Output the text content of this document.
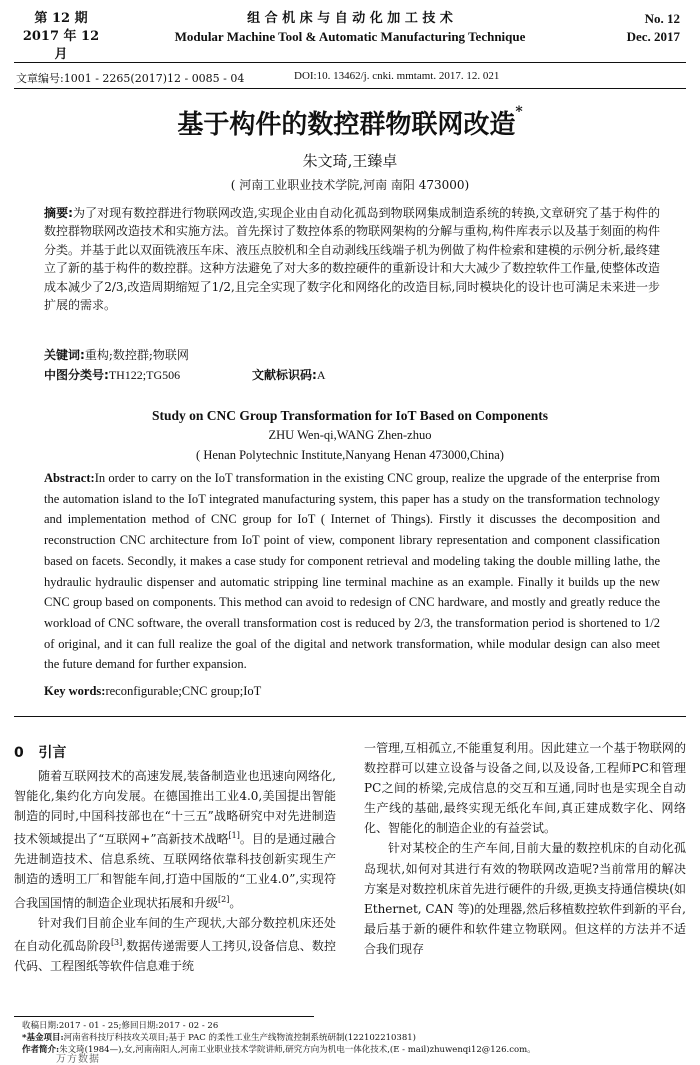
第 12 期
2017 年 12 月
组 合 机 床 与 自 动 化 加 工 技 术
Modular Machine Tool & Automatic Manufacturing Technique
No. 12
Dec. 2017
文章编号:1001 - 2265(2017)12 - 0085 - 04	DOI:10. 13462/j. cnki. mmtamt. 2017. 12. 021
基于构件的数控群物联网改造*
朱文琦,王臻卓
( 河南工业职业技术学院,河南 南阳 473000)
摘要:为了对现有数控群进行物联网改造,实现企业由自动化孤岛到物联网集成制造系统的转换,文章研究了基于构件的数控群物联网改造技术和实施方法。首先探讨了数控体系的物联网架构的分解与重构,构件库表示以及基于刻面的构件分类。并基于此以双面铣液压车床、液压点胶机和全自动剥线压线端子机为例做了构件检索和建模的示例分析,最终建立了新的基于构件的数控群。这种方法避免了对大多的数控硬件的重新设计和大大减少了数控软件工作量,使整体改造成本减少了2/3,改造周期缩短了1/2,且完全实现了数字化和网络化的改造目标,同时模块化的设计也可满足未来进一步扩展的需求。
关键词:重构;数控群;物联网
中图分类号:TH122;TG506	文献标识码:A
Study on CNC Group Transformation for IoT Based on Components
ZHU Wen-qi,WANG Zhen-zhuo
( Henan Polytechnic Institute,Nanyang Henan 473000,China)
Abstract:In order to carry on the IoT transformation in the existing CNC group, realize the upgrade of the enterprise from the automation island to the IoT integrated manufacturing system, this paper has a study on the transformation technology and implementation method of CNC group for IoT ( Internet of Things). Firstly it discusses the decomposition and reconstruction CNC architecture from IoT point of view, component library representation and component classification based on facets. Secondly, it makes a case study for component retrieval and modeling taking the double milling lathe, the hydraulic hydraulic dispenser and automatic stripping line terminal machine as an example. Finally it builds up the new CNC group based on components. This method can avoid to redesign of CNC hardware, and mostly and greatly reduce the workload of CNC software, the overall transformation cost is reduced by 2/3, the transformation period is shortened to 1/2 of original, and it can full realize the goal of the digital and network transformation, while modular design can also meet the future demand for further expansion.
Key words:reconfigurable;CNC group;IoT
0 引言

随着互联网技术的高速发展,装备制造业也迅速向网络化,智能化,集约化方向发展。在德国推出工业4.0,美国提出智能制造的同时,中国科技部也在“十三五”战略研究中对先进制造技术领域提出了“互联网+”高新技术战略[1]。目的是通过融合先进制造技术、信息系统、互联网络依靠科技创新实现生产制造的透明工厂和智能车间,打造中国版的“工业4.0”,实现符合我国国情的制造企业现状拓展和升级[2]。

针对我们目前企业车间的生产现状,大部分数控机床还处在自动化孤岛阶段[3],数据传递需要人工拷贝,设备信息、数控代码、工程图纸等软件信息难于统

一管理,互相孤立,不能重复利用。因此建立一个基于物联网的数控群可以建立设备与设备之间,以及设备,工程师PC和管理PC之间的桥梁,完成信息的交互和互通,同时也是实现全自动生产线的基础,最终实现无纸化车间,真正建成数字化、网络化、智能化的制造企业的有益尝试。

针对某校企的生产车间,目前大量的数控机床的自动化孤岛现状,如何对其进行有效的物联网改造呢?当前常用的解决方案是对数控机床首先进行硬件的升级,更换支持通信模块(如 Ethernet, CAN 等)的处理器,然后移植数控软件到新的平台,最后基于新的硬件和软件建立物联网。但这样的方法并不适合我们现存

收稿日期:2017 - 01 - 25;修回日期:2017 - 02 - 26
*基金项目:河南省科技厅科技攻关项目;基于 PAC 的柔性工业生产线物流控制系统研制(122102210381)
作者简介:朱文琦(1984—),女,河南南阳人,河南工业职业技术学院讲师,研究方向为机电一体化技术,(E - mail)zhuwenqi12@126.com。
万方数据
